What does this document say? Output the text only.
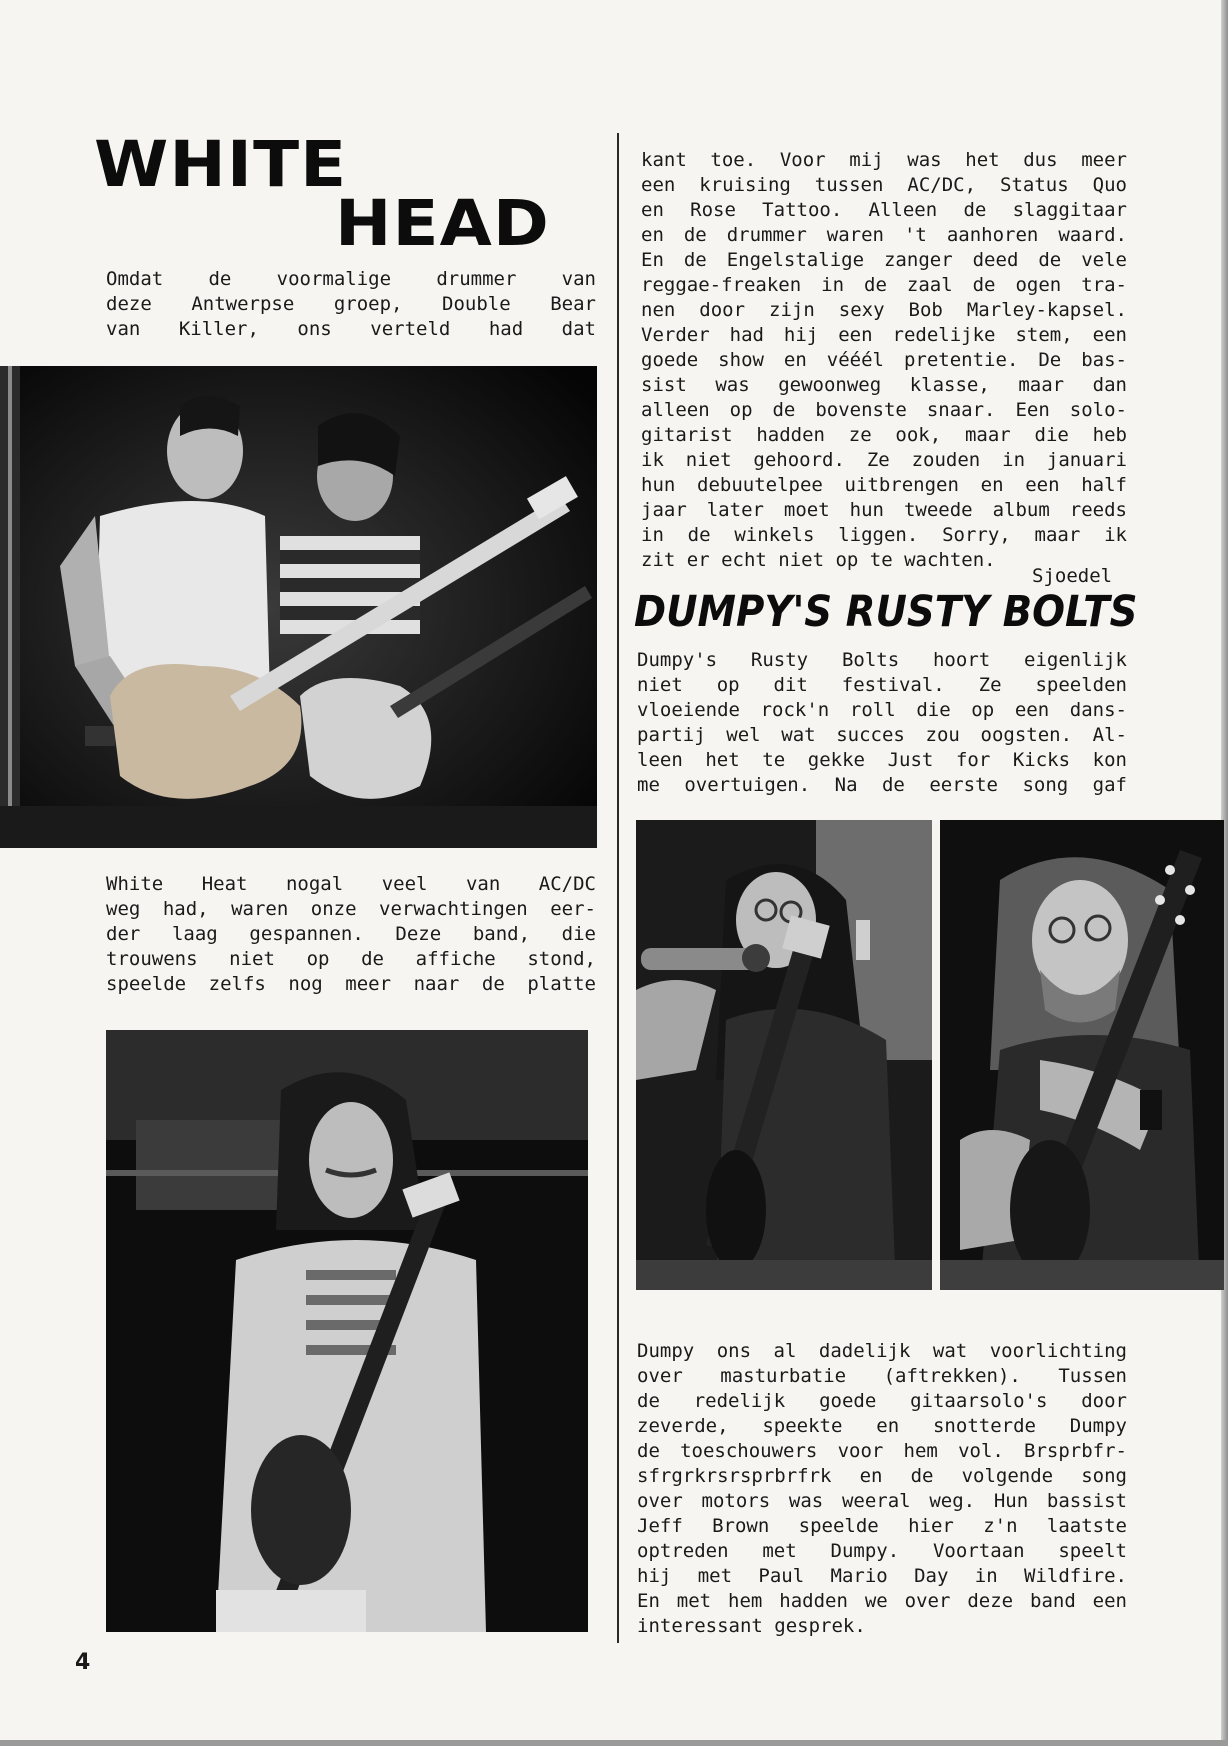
WHITE
HEAD

Omdat de voormalige drummer van

deze Antwerpse groep, Double Bear

van Killer, ons verteld had dat

White Heat nogal veel van AC/DC

weg had, waren onze verwachtingen eer-

der laag gespannen. Deze band, die

trouwens niet op de affiche stond,

speelde zelfs nog meer naar de platte

kant toe. Voor mij was het dus meer

een kruising tussen AC/DC, Status Quo

en Rose Tattoo. Alleen de slaggitaar

en de drummer waren 't aanhoren waard.

En de Engelstalige zanger deed de vele

reggae-freaken in de zaal de ogen tra-

nen door zijn sexy Bob Marley-kapsel.

Verder had hij een redelijke stem, een

goede show en vééél pretentie. De bas-

sist was gewoonweg klasse, maar dan

alleen op de bovenste snaar. Een solo-

gitarist hadden ze ook, maar die heb

ik niet gehoord. Ze zouden in januari

hun debuutelpee uitbrengen en een half

jaar later moet hun tweede album reeds

in de winkels liggen. Sorry, maar ik

zit er echt niet op te wachten.

Sjoedel
DUMPY'S RUSTY BOLTS

Dumpy's Rusty Bolts hoort eigenlijk

niet op dit festival. Ze speelden

vloeiende rock'n roll die op een dans-

partij wel wat succes zou oogsten. Al-

leen het te gekke Just for Kicks kon

me overtuigen. Na de eerste song gaf

Dumpy ons al dadelijk wat voorlichting

over masturbatie (aftrekken). Tussen

de redelijk goede gitaarsolo's door

zeverde, speekte en snotterde Dumpy

de toeschouwers voor hem vol. Brsprbfr-

sfrgrkrsrsprbrfrk en de volgende song

over motors was weeral weg. Hun bassist

Jeff Brown speelde hier z'n laatste

optreden met Dumpy. Voortaan speelt

hij met Paul Mario Day in Wildfire.

En met hem hadden we over deze band een

interessant gesprek.

4
